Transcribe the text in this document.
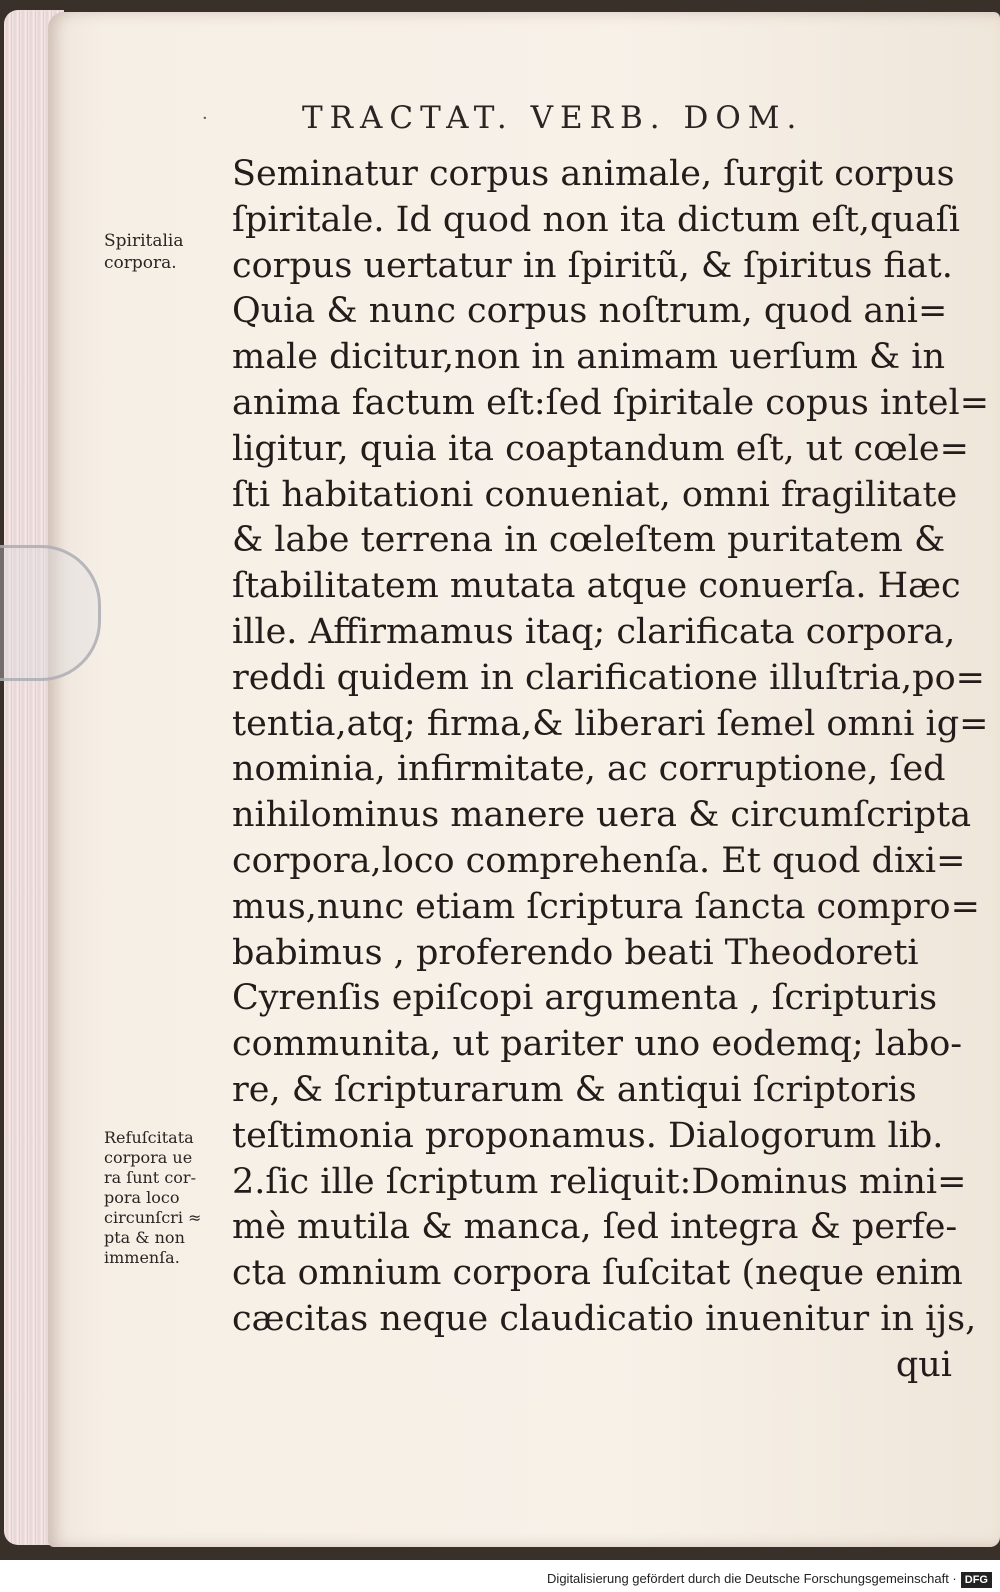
·	TRACTAT. VERB. DOM.
Spiritalia
corpora.
Refuſcitata
corpora ue
ra ſunt cor-
pora loco
circunſcri ≈
pta & non
immenſa.
Seminatur corpus animale, ſurgit corpus
ſpiritale. Id quod non ita dictum eſt,quaſi
corpus uertatur in ſpiritũ, & ſpiritus fiat.
Quia & nunc corpus noſtrum, quod ani=
male dicitur,non in animam uerſum & in
anima factum eſt:ſed ſpiritale copus intel=
ligitur, quia ita coaptandum eſt, ut cœle=
ſti habitationi conueniat, omni fragilitate
& labe terrena in cœleſtem puritatem &
ſtabilitatem mutata atque conuerſa. Hæc
ille. Affirmamus itaq; clarificata corpora,
reddi quidem in clarificatione illuſtria,po=
tentia,atq; firma,& liberari ſemel omni ig=
nominia, infirmitate, ac corruptione, ſed
nihilominus manere uera & circumſcripta
corpora,loco comprehenſa. Et quod dixi=
mus,nunc etiam ſcriptura ſancta compro=
babimus , proferendo beati Theodoreti
Cyrenſis epiſcopi argumenta , ſcripturis
communita, ut pariter uno eodemq; labo-
re, & ſcripturarum & antiqui ſcriptoris
teſtimonia proponamus. Dialogorum lib.
2.ſic ille ſcriptum reliquit:Dominus mini=
mè mutila & manca, ſed integra & perfe-
cta omnium corpora ſuſcitat (neque enim
cæcitas neque claudicatio inuenitur in ijs,
qui
Digitalisierung gefördert durch die Deutsche Forschungsgemeinschaft · DFG
